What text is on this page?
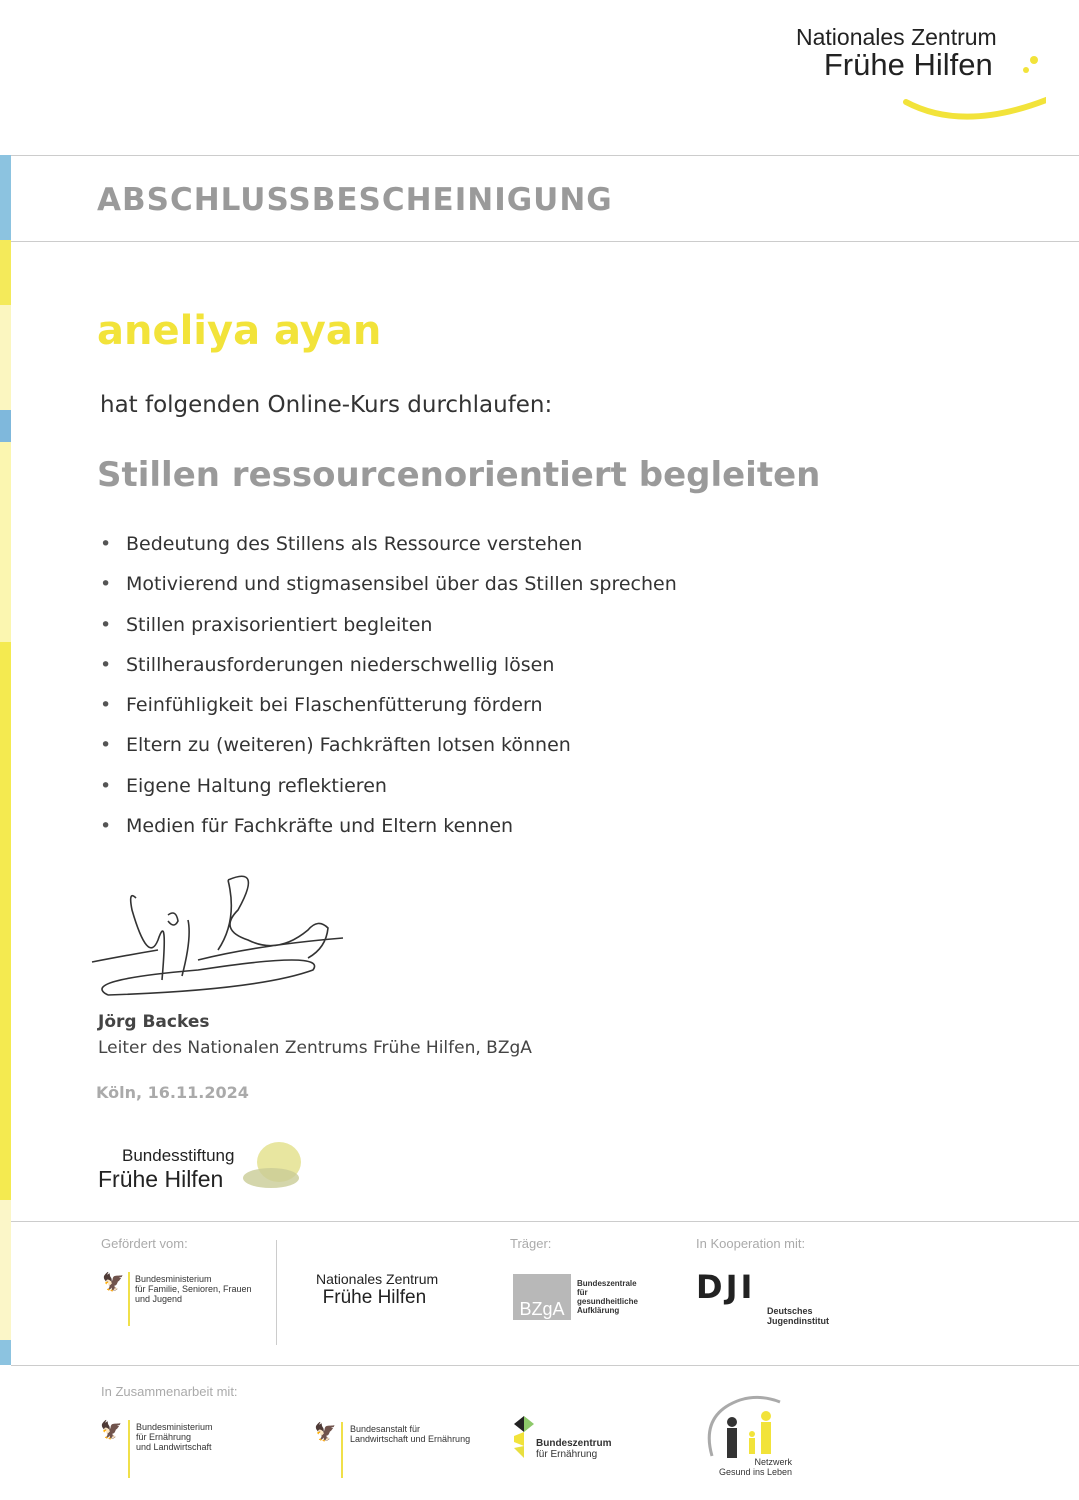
Nationales Zentrum
Frühe Hilfen
ABSCHLUSSBESCHEINIGUNG
aneliya ayan
hat folgenden Online-Kurs durchlaufen:
Stillen ressourcenorientiert begleiten
• Bedeutung des Stillens als Ressource verstehen
• Motivierend und stigmasensibel über das Stillen sprechen
• Stillen praxisorientiert begleiten
• Stillherausforderungen niederschwellig lösen
• Feinfühligkeit bei Flaschenfütterung fördern
• Eltern zu (weiteren) Fachkräften lotsen können
• Eigene Haltung reflektieren
• Medien für Fachkräfte und Eltern kennen
Jörg Backes
Leiter des Nationalen Zentrums Frühe Hilfen, BZgA
Köln, 16.11.2024
Bundesstiftung
Frühe Hilfen
Gefördert vom:
🦅 Bundesministerium
für Familie, Senioren, Frauen
und Jugend
Nationales Zentrum
Frühe Hilfen
Träger:
BZgA
Bundeszentrale
für
gesundheitliche
Aufklärung
In Kooperation mit:
DJI
Deutsches
Jugendinstitut
In Zusammenarbeit mit:
🦅 Bundesministerium
für Ernährung
und Landwirtschaft
🦅 Bundesanstalt für
Landwirtschaft und Ernährung	Bundeszentrum
für Ernährung
Netzwerk
Gesund ins Leben
